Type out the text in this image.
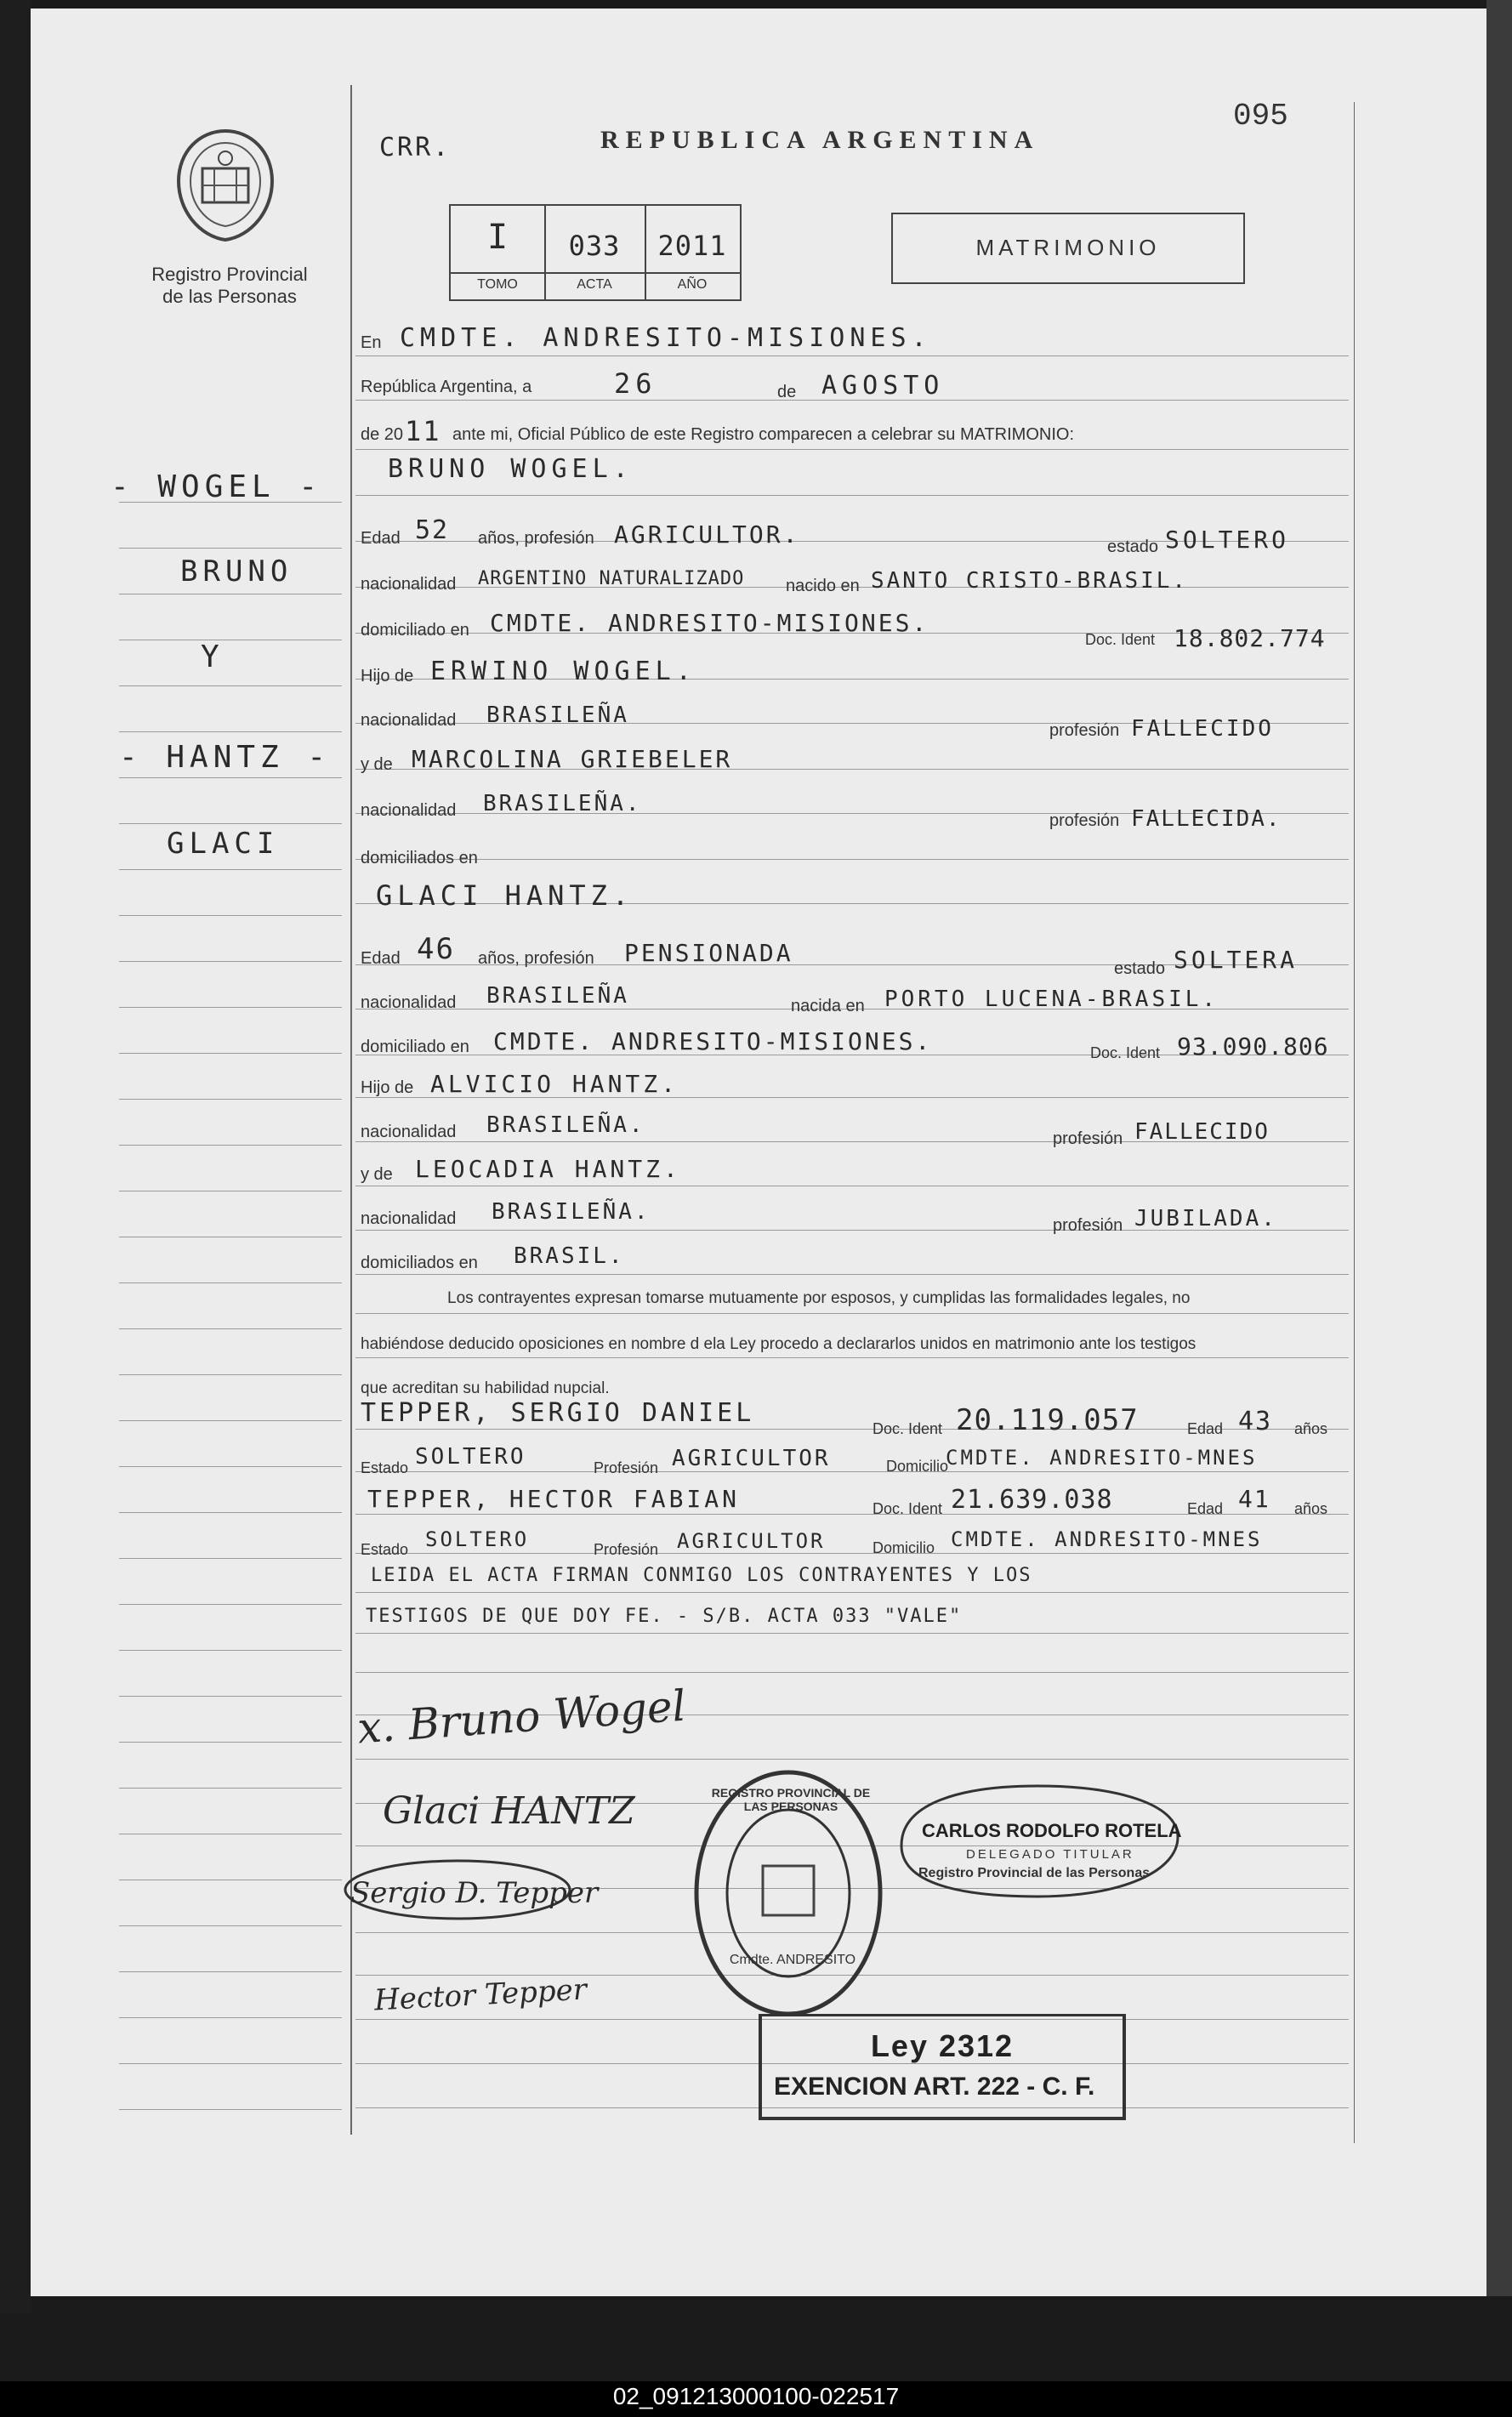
Registro Provincial
de las Personas
CRR.	REPUBLICA ARGENTINA
095
I	033	2011
TOMO	ACTA	AÑO
MATRIMONIO
- WOGEL -
BRUNO
Y
- HANTZ -
GLACI
En CMDTE. ANDRESITO-MISIONES.
República Argentina, a	26	de AGOSTO
de 20 11 ante mi, Oficial Público de este Registro comparecen a celebrar su MATRIMONIO:
BRUNO WOGEL.
Edad 52 años, profesión AGRICULTOR.	estado SOLTERO
nacionalidad ARGENTINO NATURALIZADO nacido en SANTO CRISTO-BRASIL.
domiciliado en CMDTE. ANDRESITO-MISIONES.
Doc. Ident 18.802.774
Hijo de ERWINO WOGEL.
nacionalidad BRASILEÑA
profesión FALLECIDO
y de MARCOLINA GRIEBELER
nacionalidad BRASILEÑA.
profesión FALLECIDA.
domiciliados en
GLACI HANTZ.
Edad 46 años, profesión PENSIONADA
estado SOLTERA
nacionalidad BRASILEÑA	nacida en PORTO LUCENA-BRASIL.
domiciliado en CMDTE. ANDRESITO-MISIONES.	Doc. Ident 93.090.806
Hijo de ALVICIO HANTZ.
nacionalidad BRASILEÑA.
profesión FALLECIDO
y de LEOCADIA HANTZ.
nacionalidad BRASILEÑA.
profesión JUBILADA.
domiciliados en BRASIL.
Los contrayentes expresan tomarse mutuamente por esposos, y cumplidas las formalidades legales, no
habiéndose deducido oposiciones en nombre d ela Ley procedo a declararlos unidos en matrimonio ante los testigos
que acreditan su habilidad nupcial.
TEPPER, SERGIO DANIEL
Doc. Ident 20.119.057	Edad 43 años
Estado SOLTERO	Profesión AGRICULTOR	Domicilio
CMDTE. ANDRESITO-MNES
TEPPER, HECTOR FABIAN	Doc. Ident 21.639.038	Edad 41 años
Estado SOLTERO	Profesión AGRICULTOR	Domicilio CMDTE. ANDRESITO-MNES
LEIDA EL ACTA FIRMAN CONMIGO LOS CONTRAYENTES Y LOS
TESTIGOS DE QUE DOY FE. - S/B. ACTA 033 "VALE"
x. Bruno Wogel
Glaci HANTZ
Sergio D. Tepper
Hector Tepper
REGISTRO PROVINCIAL DE LAS PERSONAS
Cmdte. ANDRESITO
CARLOS RODOLFO ROTELA
DELEGADO TITULAR
Registro Provincial de las Personas
Ley 2312
EXENCION ART. 222 - C. F.
02_091213000100-022517
